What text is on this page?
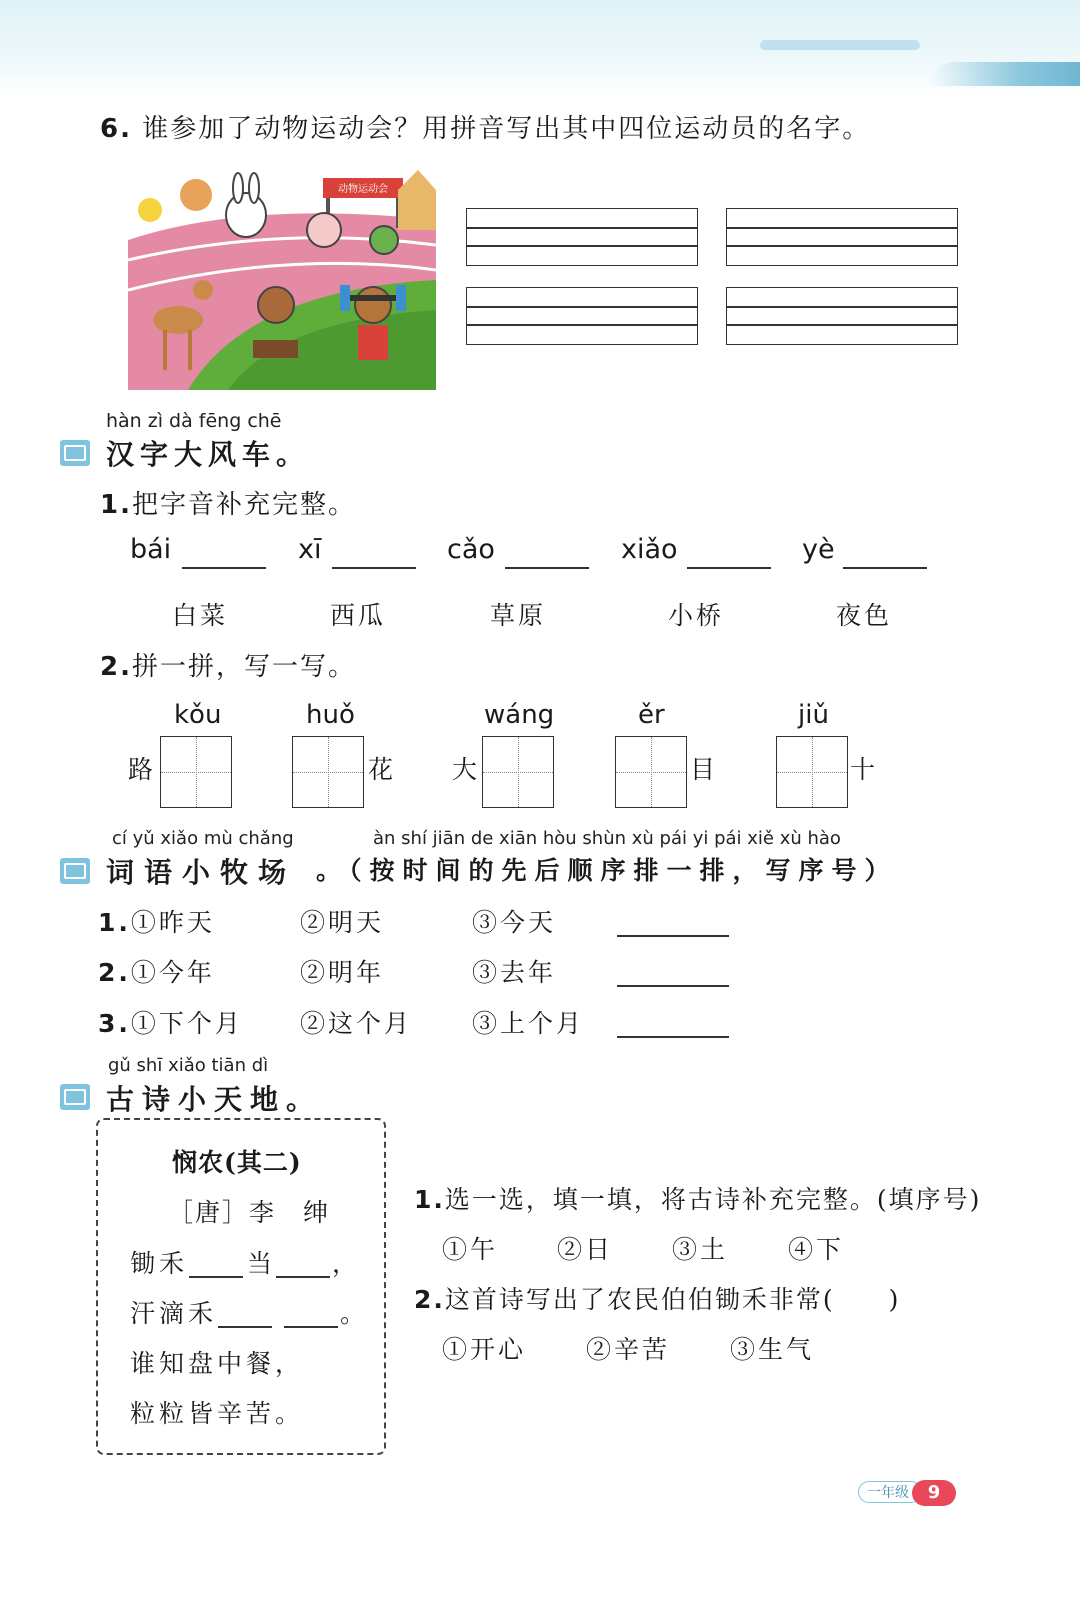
6. 谁参加了动物运动会？用拼音写出其中四位运动员的名字。
动物运动会
hàn zì dà fēng chē
汉字大风车。
1.把字音补充完整。
bái	xī	cǎo	xiǎo	yè
白菜	西瓜	草原	小桥	夜色
2.拼一拼，写一写。
kǒu
路
huǒ
花
wáng
大
ěr
目
jiǔ
十
cí yǔ xiǎo mù chǎng	àn shí jiān de xiān hòu shùn xù pái yi pái xiě xù hào
词语小牧场 。（按时间的先后顺序排一排，写序号）
1.①昨天	②明天	③今天
2.①今年	②明年	③去年
3.①下个月 ②这个月 ③上个月
gǔ shī xiǎo tiān dì
古诗小天地。
悯农(其二)
［唐］李　绅
锄禾 当 ，
汗滴禾	。
谁知盘中餐，
粒粒皆辛苦。
1.选一选，填一填，将古诗补充完整。(填序号)
①午 ②日 ③土 ④下
2.这首诗写出了农民伯伯锄禾非常(　　)
①开心 ②辛苦 ③生气
一年级	9
